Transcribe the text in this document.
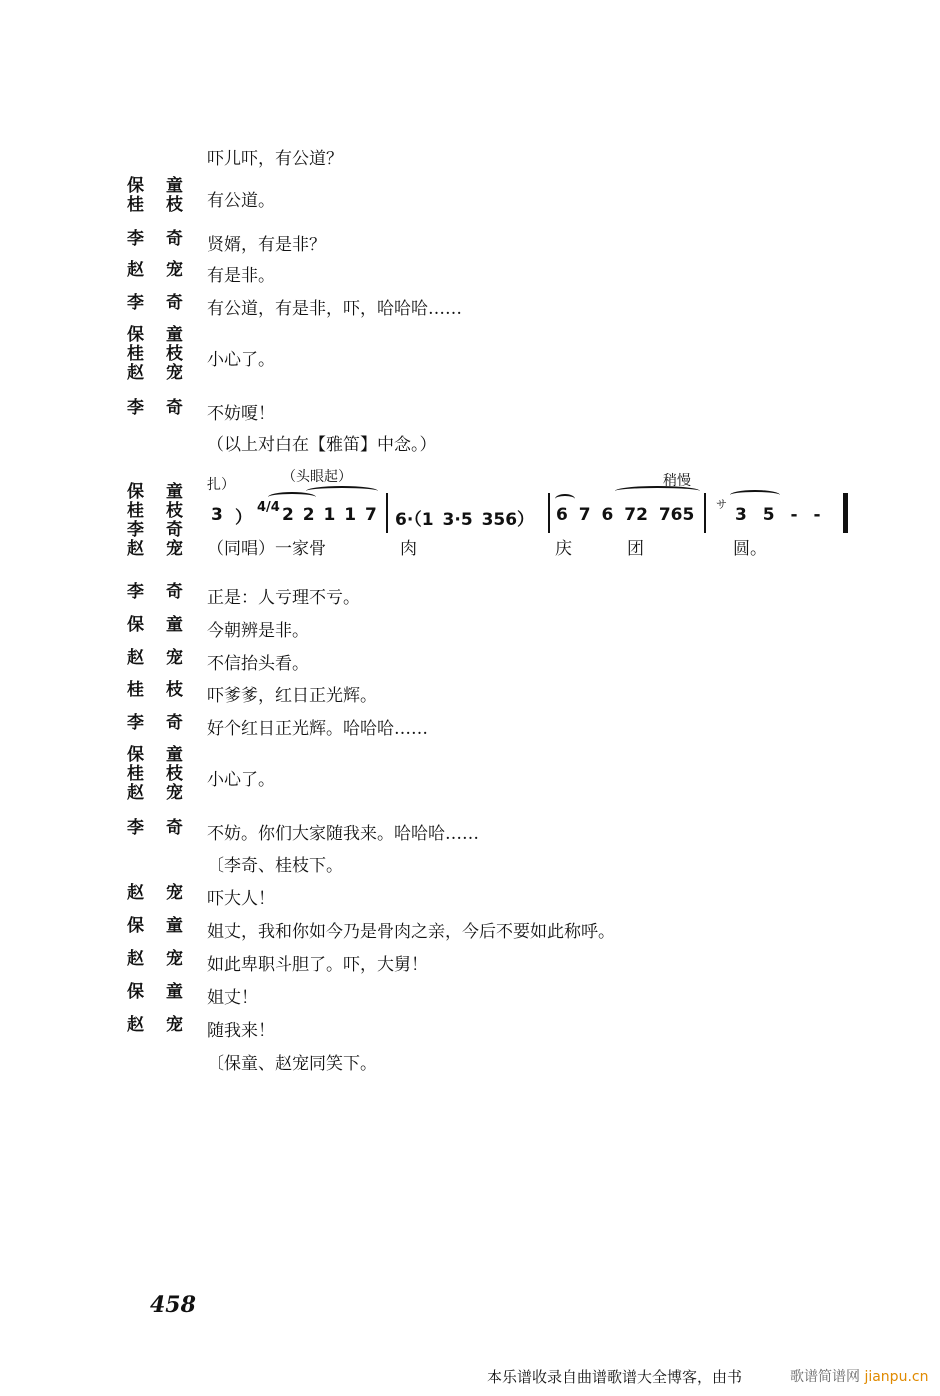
吓儿吓，有公道？
保童
桂枝 有公道。
李奇 贤婿，有是非？
赵宠 有是非。
李奇 有公道，有是非，吓，哈哈哈……
保童
桂枝
赵宠
小心了。
李奇 不妨嗄！
（以上对白在【雅笛】中念。）
保童
桂枝
李奇
赵宠
扎）	（头眼起）	稍慢
3 ）
4/4 2 2 1 1 7 6·（1 3·5 356） 6 7 6 72 765
サ
3 5 - -
（同唱）一家骨	肉	庆	团	圆。
李奇 正是：人亏理不亏。
保童 今朝辨是非。
赵宠 不信抬头看。
桂枝 吓爹爹，红日正光辉。
李奇 好个红日正光辉。哈哈哈……
保童
桂枝
赵宠
小心了。
李奇 不妨。你们大家随我来。哈哈哈……
〔李奇、桂枝下。
赵宠 吓大人！
保童 姐丈，我和你如今乃是骨肉之亲，今后不要如此称呼。
赵宠 如此卑职斗胆了。吓，大舅！
保童 姐丈！
赵宠 随我来！
〔保童、赵宠同笑下。
458
本乐谱收录自曲谱歌谱大全博客，由书	歌谱简谱网 jianpu.cn
